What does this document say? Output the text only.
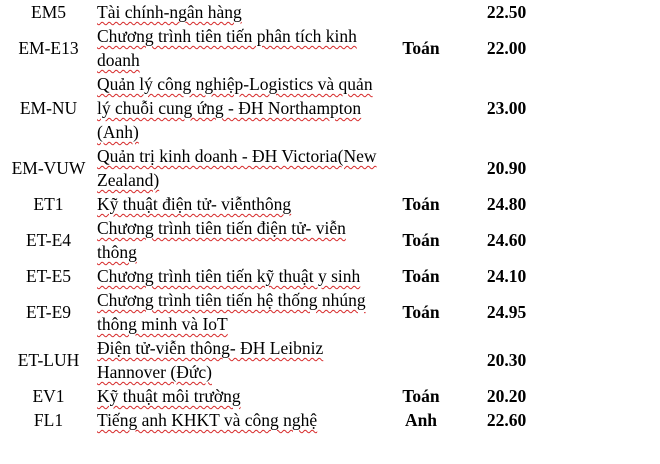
EM5	Tài chính-ngân hàng		22.50
EM-E13	Chương trình tiên tiến phân tích kinh doanh	Toán	22.00
EM-NU	Quản lý công nghiệp-Logistics và quản lý chuỗi cung ứng - ĐH Northampton (Anh)		23.00
EM-VUW	Quản trị kinh doanh - ĐH Victoria(New Zealand)		20.90
ET1	Kỹ thuật điện tử- viễnthông	Toán	24.80
ET-E4	Chương trình tiên tiến điện tử- viễn thông	Toán	24.60
ET-E5	Chương trình tiên tiến kỹ thuật y sinh	Toán	24.10
ET-E9	Chương trình tiên tiến hệ thống nhúng thông minh và IoT	Toán	24.95
ET-LUH	Điện tử-viễn thông- ĐH Leibniz Hannover (Đức)		20.30
EV1	Kỹ thuật môi trường	Toán	20.20
FL1	Tiếng anh KHKT và công nghệ	Anh	22.60
